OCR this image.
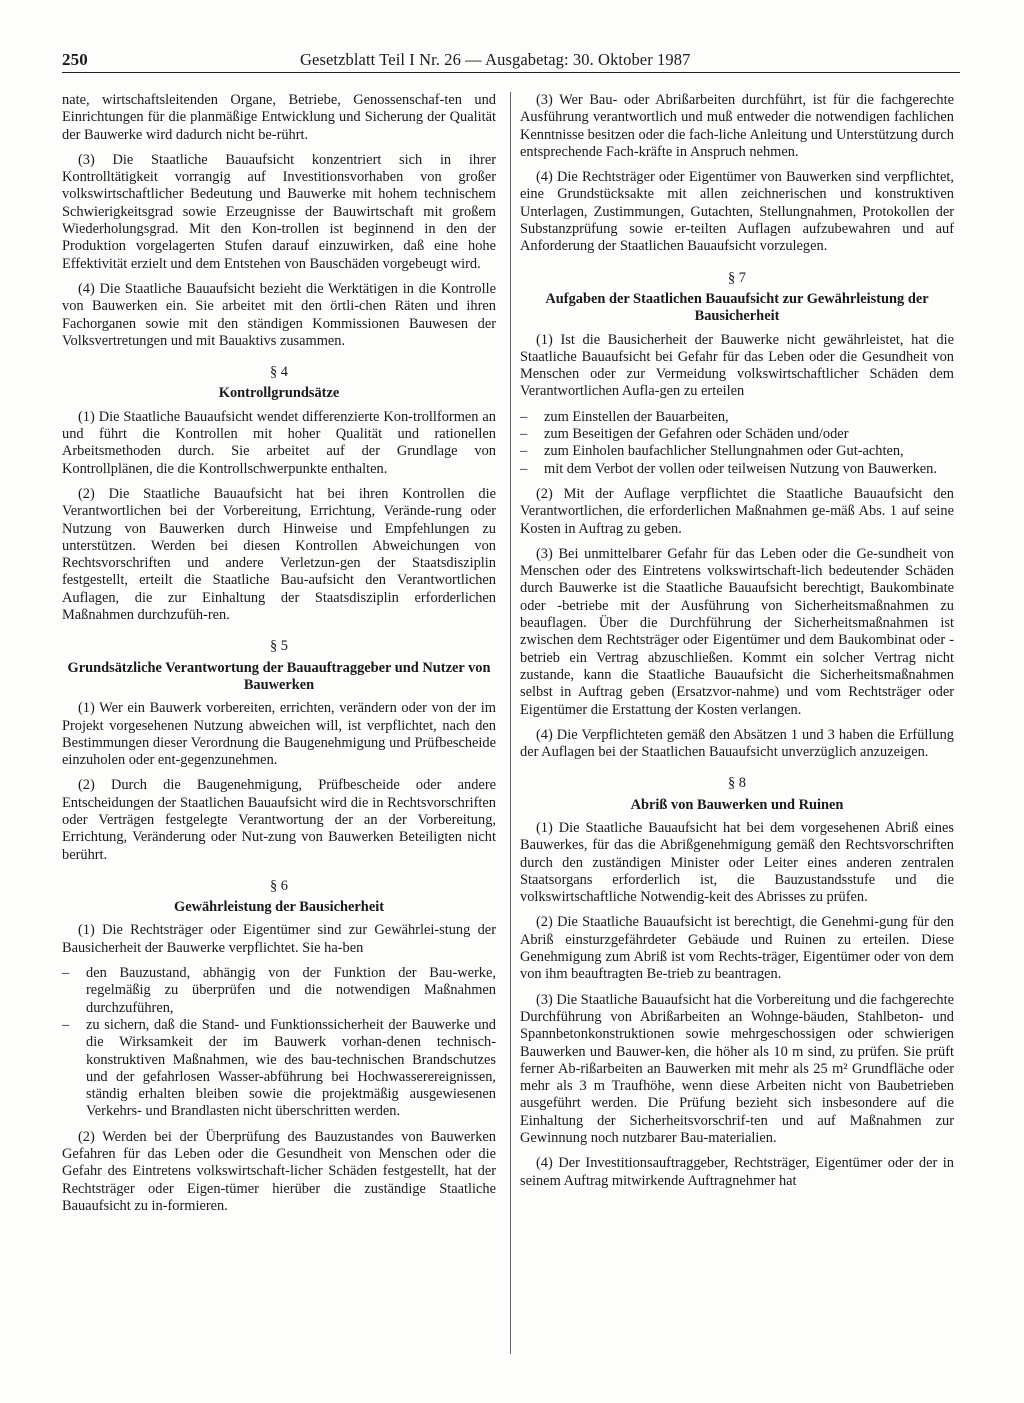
250	Gesetzblatt Teil I Nr. 26 — Ausgabetag: 30. Oktober 1987

nate, wirtschaftsleitenden Organe, Betriebe, Genossenschaf-ten und Einrichtungen für die planmäßige Entwicklung und Sicherung der Qualität der Bauwerke wird dadurch nicht be-rührt.

(3) Die Staatliche Bauaufsicht konzentriert sich in ihrer Kontrolltätigkeit vorrangig auf Investitionsvorhaben von großer volkswirtschaftlicher Bedeutung und Bauwerke mit hohem technischem Schwierigkeitsgrad sowie Erzeugnisse der Bauwirtschaft mit großem Wiederholungsgrad. Mit den Kon-trollen ist beginnend in den der Produktion vorgelagerten Stufen darauf einzuwirken, daß eine hohe Effektivität erzielt und dem Entstehen von Bauschäden vorgebeugt wird.

(4) Die Staatliche Bauaufsicht bezieht die Werktätigen in die Kontrolle von Bauwerken ein. Sie arbeitet mit den örtli-chen Räten und ihren Fachorganen sowie mit den ständigen Kommissionen Bauwesen der Volksvertretungen und mit Bauaktivs zusammen.

§ 4
Kontrollgrundsätze

(1) Die Staatliche Bauaufsicht wendet differenzierte Kon-trollformen an und führt die Kontrollen mit hoher Qualität und rationellen Arbeitsmethoden durch. Sie arbeitet auf der Grundlage von Kontrollplänen, die die Kontrollschwerpunkte enthalten.

(2) Die Staatliche Bauaufsicht hat bei ihren Kontrollen die Verantwortlichen bei der Vorbereitung, Errichtung, Verände-rung oder Nutzung von Bauwerken durch Hinweise und Empfehlungen zu unterstützen. Werden bei diesen Kontrollen Abweichungen von Rechtsvorschriften und andere Verletzun-gen der Staatsdisziplin festgestellt, erteilt die Staatliche Bau-aufsicht den Verantwortlichen Auflagen, die zur Einhaltung der Staatsdisziplin erforderlichen Maßnahmen durchzufüh-ren.

§ 5
Grundsätzliche Verantwortung der Bauauftraggeber und Nutzer von Bauwerken

(1) Wer ein Bauwerk vorbereiten, errichten, verändern oder von der im Projekt vorgesehenen Nutzung abweichen will, ist verpflichtet, nach den Bestimmungen dieser Verordnung die Baugenehmigung und Prüfbescheide einzuholen oder ent-gegenzunehmen.

(2) Durch die Baugenehmigung, Prüfbescheide oder andere Entscheidungen der Staatlichen Bauaufsicht wird die in Rechtsvorschriften oder Verträgen festgelegte Verantwortung der an der Vorbereitung, Errichtung, Veränderung oder Nut-zung von Bauwerken Beteiligten nicht berührt.

§ 6
Gewährleistung der Bausicherheit

(1) Die Rechtsträger oder Eigentümer sind zur Gewährlei-stung der Bausicherheit der Bauwerke verpflichtet. Sie ha-ben

– den Bauzustand, abhängig von der Funktion der Bau-werke, regelmäßig zu überprüfen und die notwendigen Maßnahmen durchzuführen,
– zu sichern, daß die Stand- und Funktionssicherheit der Bauwerke und die Wirksamkeit der im Bauwerk vorhan-denen technisch-konstruktiven Maßnahmen, wie des bau-technischen Brandschutzes und der gefahrlosen Wasser-abführung bei Hochwasserereignissen, ständig erhalten bleiben sowie die projektmäßig ausgewiesenen Verkehrs- und Brandlasten nicht überschritten werden.

(2) Werden bei der Überprüfung des Bauzustandes von Bauwerken Gefahren für das Leben oder die Gesundheit von Menschen oder die Gefahr des Eintretens volkswirtschaft-licher Schäden festgestellt, hat der Rechtsträger oder Eigen-tümer hierüber die zuständige Staatliche Bauaufsicht zu in-formieren.

(3) Wer Bau- oder Abrißarbeiten durchführt, ist für die fachgerechte Ausführung verantwortlich und muß entweder die notwendigen fachlichen Kenntnisse besitzen oder die fach-liche Anleitung und Unterstützung durch entsprechende Fach-kräfte in Anspruch nehmen.

(4) Die Rechtsträger oder Eigentümer von Bauwerken sind verpflichtet, eine Grundstücksakte mit allen zeichnerischen und konstruktiven Unterlagen, Zustimmungen, Gutachten, Stellungnahmen, Protokollen der Substanzprüfung sowie er-teilten Auflagen aufzubewahren und auf Anforderung der Staatlichen Bauaufsicht vorzulegen.

§ 7
Aufgaben der Staatlichen Bauaufsicht zur Gewährleistung der Bausicherheit

(1) Ist die Bausicherheit der Bauwerke nicht gewährleistet, hat die Staatliche Bauaufsicht bei Gefahr für das Leben oder die Gesundheit von Menschen oder zur Vermeidung volkswirtschaftlicher Schäden dem Verantwortlichen Aufla-gen zu erteilen

– zum Einstellen der Bauarbeiten,
– zum Beseitigen der Gefahren oder Schäden und/oder
– zum Einholen baufachlicher Stellungnahmen oder Gut-achten,
– mit dem Verbot der vollen oder teilweisen Nutzung von Bauwerken.

(2) Mit der Auflage verpflichtet die Staatliche Bauaufsicht den Verantwortlichen, die erforderlichen Maßnahmen ge-mäß Abs. 1 auf seine Kosten in Auftrag zu geben.

(3) Bei unmittelbarer Gefahr für das Leben oder die Ge-sundheit von Menschen oder des Eintretens volkswirtschaft-lich bedeutender Schäden durch Bauwerke ist die Staatliche Bauaufsicht berechtigt, Baukombinate oder -betriebe mit der Ausführung von Sicherheitsmaßnahmen zu beauflagen. Über die Durchführung der Sicherheitsmaßnahmen ist zwischen dem Rechtsträger oder Eigentümer und dem Baukombinat oder -betrieb ein Vertrag abzuschließen. Kommt ein solcher Vertrag nicht zustande, kann die Staatliche Bauaufsicht die Sicherheitsmaßnahmen selbst in Auftrag geben (Ersatzvor-nahme) und vom Rechtsträger oder Eigentümer die Erstattung der Kosten verlangen.

(4) Die Verpflichteten gemäß den Absätzen 1 und 3 haben die Erfüllung der Auflagen bei der Staatlichen Bauaufsicht unverzüglich anzuzeigen.

§ 8
Abriß von Bauwerken und Ruinen

(1) Die Staatliche Bauaufsicht hat bei dem vorgesehenen Abriß eines Bauwerkes, für das die Abrißgenehmigung gemäß den Rechtsvorschriften durch den zuständigen Minister oder Leiter eines anderen zentralen Staatsorgans erforderlich ist, die Bauzustandsstufe und die volkswirtschaftliche Notwendig-keit des Abrisses zu prüfen.

(2) Die Staatliche Bauaufsicht ist berechtigt, die Genehmi-gung für den Abriß einsturzgefährdeter Gebäude und Ruinen zu erteilen. Diese Genehmigung zum Abriß ist vom Rechts-träger, Eigentümer oder von dem von ihm beauftragten Be-trieb zu beantragen.

(3) Die Staatliche Bauaufsicht hat die Vorbereitung und die fachgerechte Durchführung von Abrißarbeiten an Wohnge-bäuden, Stahlbeton- und Spannbetonkonstruktionen sowie mehrgeschossigen oder schwierigen Bauwerken und Bauwer-ken, die höher als 10 m sind, zu prüfen. Sie prüft ferner Ab-rißarbeiten an Bauwerken mit mehr als 25 m² Grundfläche oder mehr als 3 m Traufhöhe, wenn diese Arbeiten nicht von Baubetrieben ausgeführt werden. Die Prüfung bezieht sich insbesondere auf die Einhaltung der Sicherheitsvorschrif-ten und auf Maßnahmen zur Gewinnung noch nutzbarer Bau-materialien.

(4) Der Investitionsauftraggeber, Rechtsträger, Eigentümer oder der in seinem Auftrag mitwirkende Auftragnehmer hat
